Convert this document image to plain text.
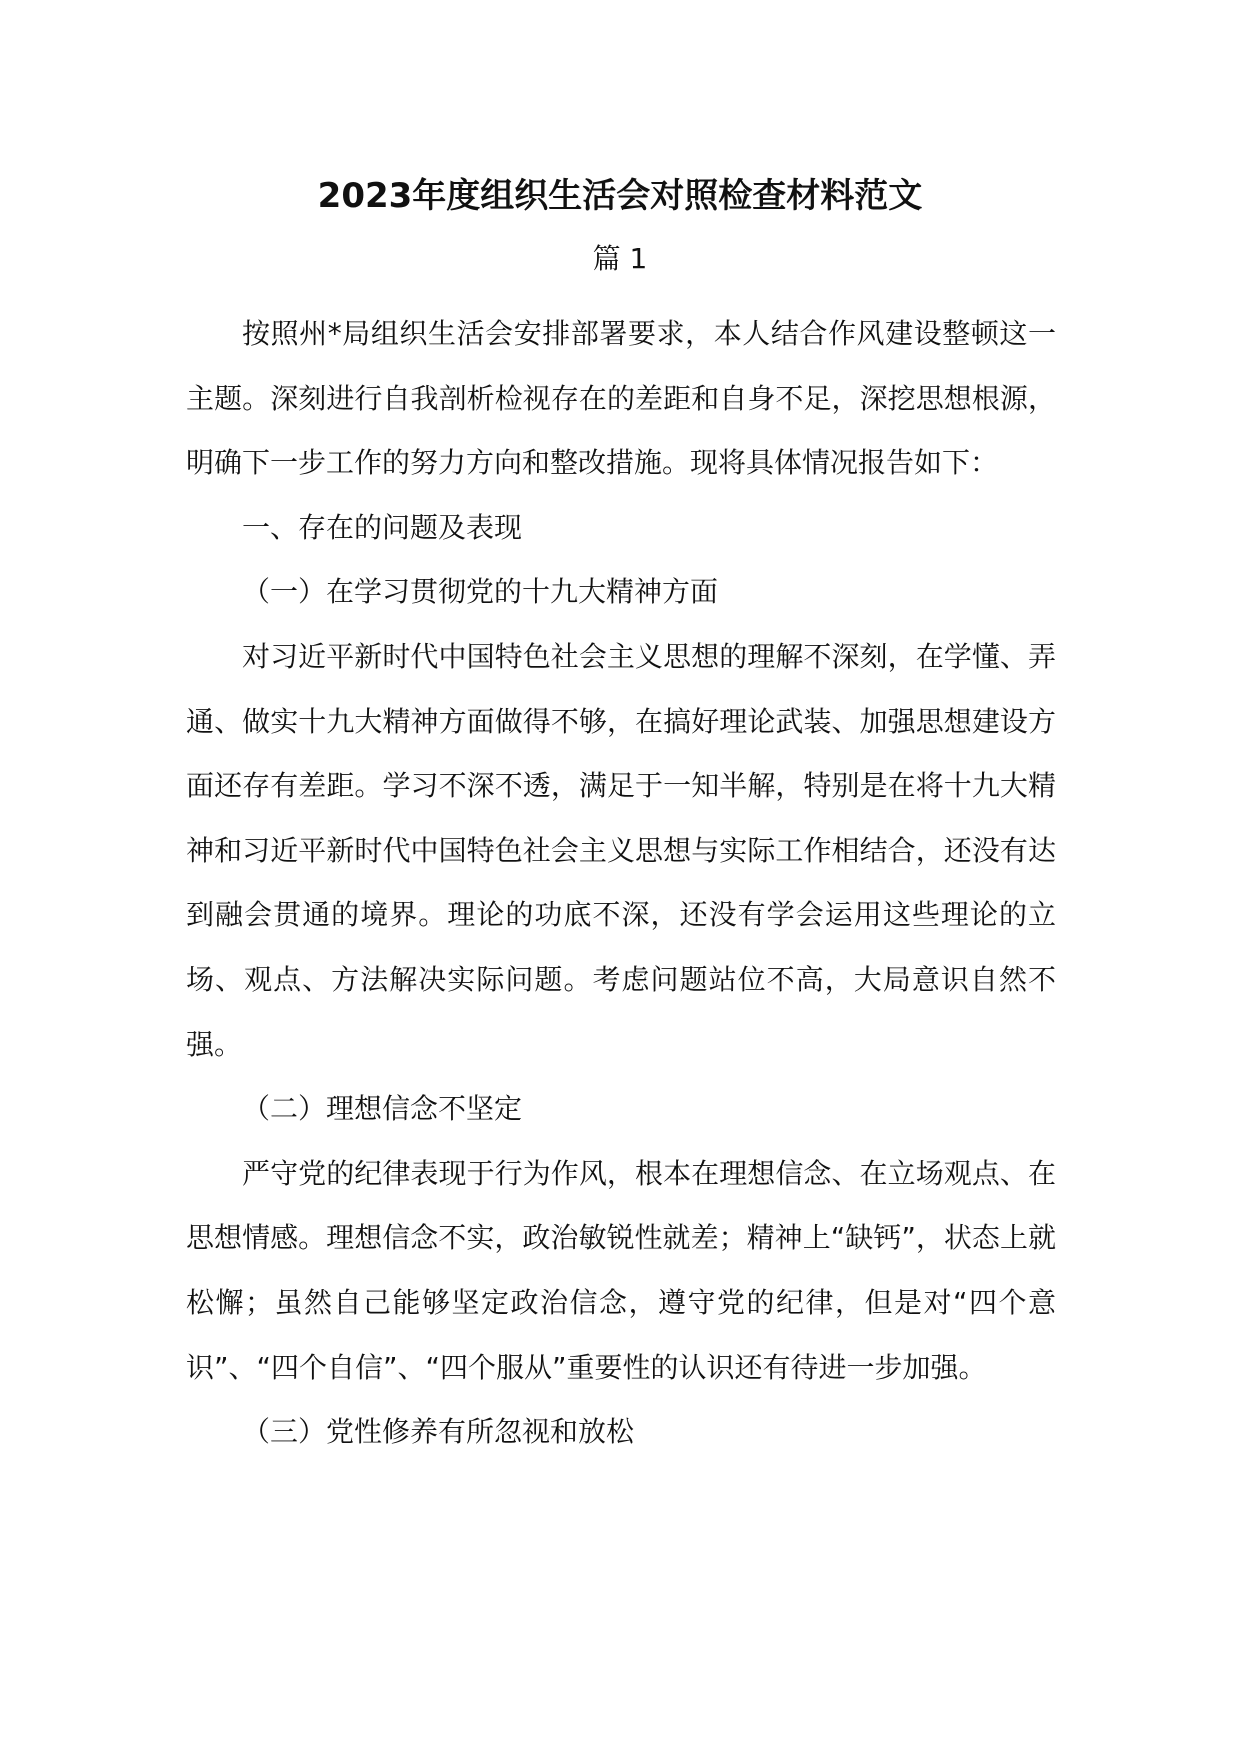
2023年度组织生活会对照检查材料范文
篇 1

按照州*局组织生活会安排部署要求，本人结合作风建设整顿这一主题。深刻进行自我剖析检视存在的差距和自身不足，深挖思想根源，明确下一步工作的努力方向和整改措施。现将具体情况报告如下：

一、存在的问题及表现

（一）在学习贯彻党的十九大精神方面

对习近平新时代中国特色社会主义思想的理解不深刻，在学懂、弄通、做实十九大精神方面做得不够，在搞好理论武装、加强思想建设方面还存有差距。学习不深不透，满足于一知半解，特别是在将十九大精神和习近平新时代中国特色社会主义思想与实际工作相结合，还没有达到融会贯通的境界。理论的功底不深，还没有学会运用这些理论的立场、观点、方法解决实际问题。考虑问题站位不高，大局意识自然不强。

（二）理想信念不坚定

严守党的纪律表现于行为作风，根本在理想信念、在立场观点、在思想情感。理想信念不实，政治敏锐性就差；精神上“缺钙”，状态上就松懈；虽然自己能够坚定政治信念，遵守党的纪律，但是对“四个意识”、“四个自信”、“四个服从”重要性的认识还有待进一步加强。

（三）党性修养有所忽视和放松
